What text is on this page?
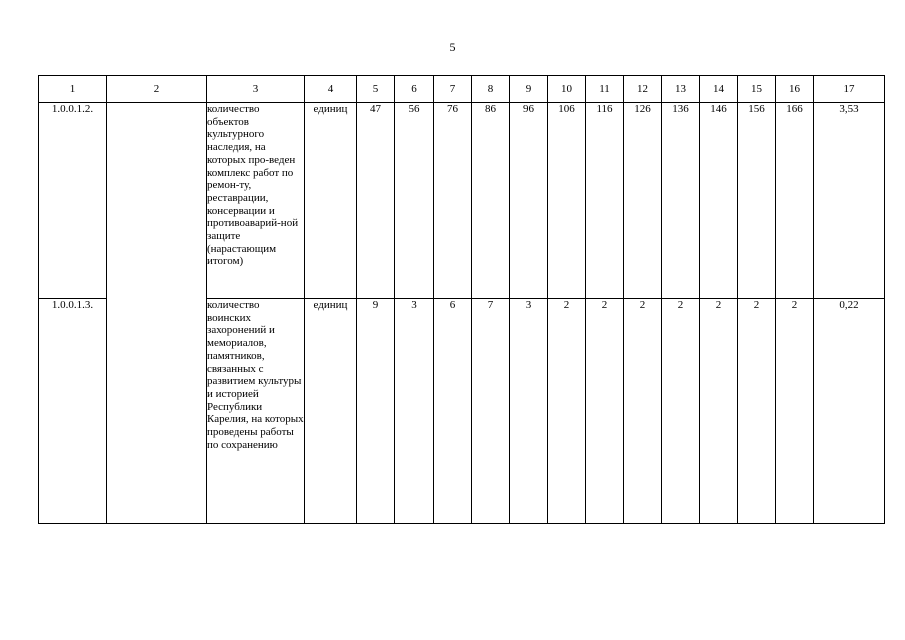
5
1	2	3	4	5	6	7	8	9	10	11	12	13	14	15	16	17
1.0.0.1.2.		количество объектов культурного наследия, на которых про-веден комплекс работ по ремон-ту, реставрации, консервации и противоаварий-ной защите (нарастающим итогом)	единиц	47	56	76	86	96	106	116	126	136	146	156	166	3,53
1.0.0.1.3.		количество воинских захоронений и мемориалов, памятников, связанных с развитием культуры и историей Республики Карелия, на которых проведены работы по сохранению	единиц	9	3	6	7	3	2	2	2	2	2	2	2	0,22
